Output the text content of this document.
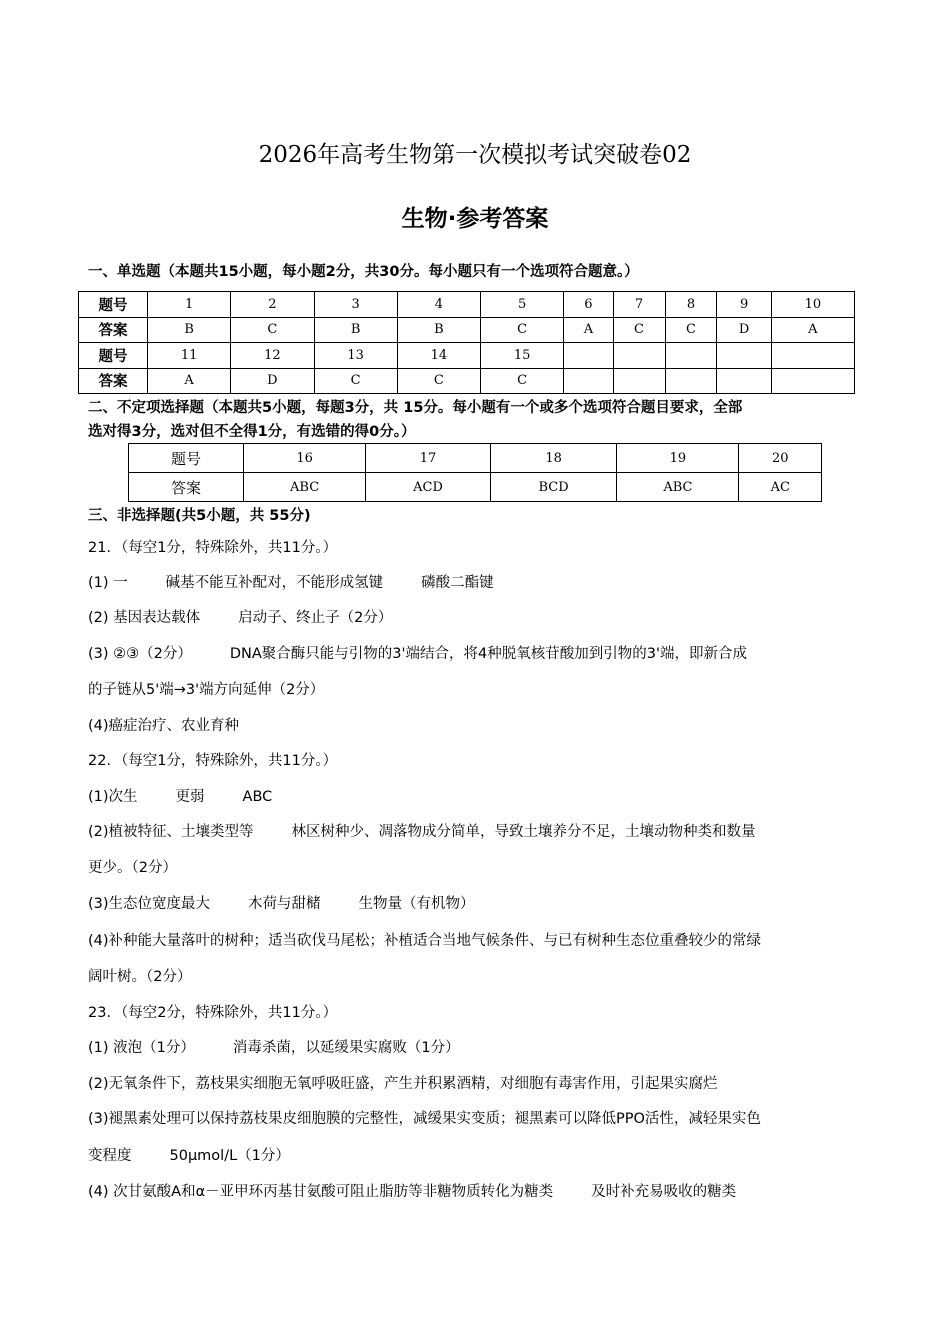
2026年高考生物第一次模拟考试突破卷02
生物·参考答案
一、单选题（本题共15小题，每小题2分，共30分。每小题只有一个选项符合题意。）
题号	1	2	3	4	5	6	7	8	9	10
答案	B	C	B	B	C	A	C	C	D	A
题号	11	12	13	14	15					
答案	A	D	C	C	C					
二、不定项选择题（本题共5小题，每题3分，共 15分。每小题有一个或多个选项符合题目要求，全部
选对得3分，选对但不全得1分，有选错的得0分。）
题号	16	17	18	19	20
答案	ABC	ACD	BCD	ABC	AC
三、非选择题(共5小题，共 55分)
21．（每空1分，特殊除外，共11分。）
(1) 一	碱基不能互补配对，不能形成氢键	磷酸二酯键
(2) 基因表达载体	启动子、终止子（2分）
(3) ②③（2分）	DNA聚合酶只能与引物的3'端结合，将4种脱氧核苷酸加到引物的3'端，即新合成
的子链从5'端→3'端方向延伸（2分）
(4)癌症治疗、农业育种
22．（每空1分，特殊除外，共11分。）
(1)次生	更弱	ABC
(2)植被特征、土壤类型等	林区树种少、凋落物成分简单，导致土壤养分不足，土壤动物种类和数量
更少。（2分）
(3)生态位宽度最大	木荷与甜槠	生物量（有机物）
(4)补种能大量落叶的树种；适当砍伐马尾松；补植适合当地气候条件、与已有树种生态位重叠较少的常绿
阔叶树。（2分）
23．（每空2分，特殊除外，共11分。）
(1) 液泡（1分）	消毒杀菌，以延缓果实腐败（1分）
(2)无氧条件下，荔枝果实细胞无氧呼吸旺盛，产生并积累酒精，对细胞有毒害作用，引起果实腐烂
(3)褪黑素处理可以保持荔枝果皮细胞膜的完整性，减缓果实变质；褪黑素可以降低PPO活性，减轻果实色
变程度	50μmol/L（1分）
(4) 次甘氨酸A和α－亚甲环丙基甘氨酸可阻止脂肪等非糖物质转化为糖类	及时补充易吸收的糖类
